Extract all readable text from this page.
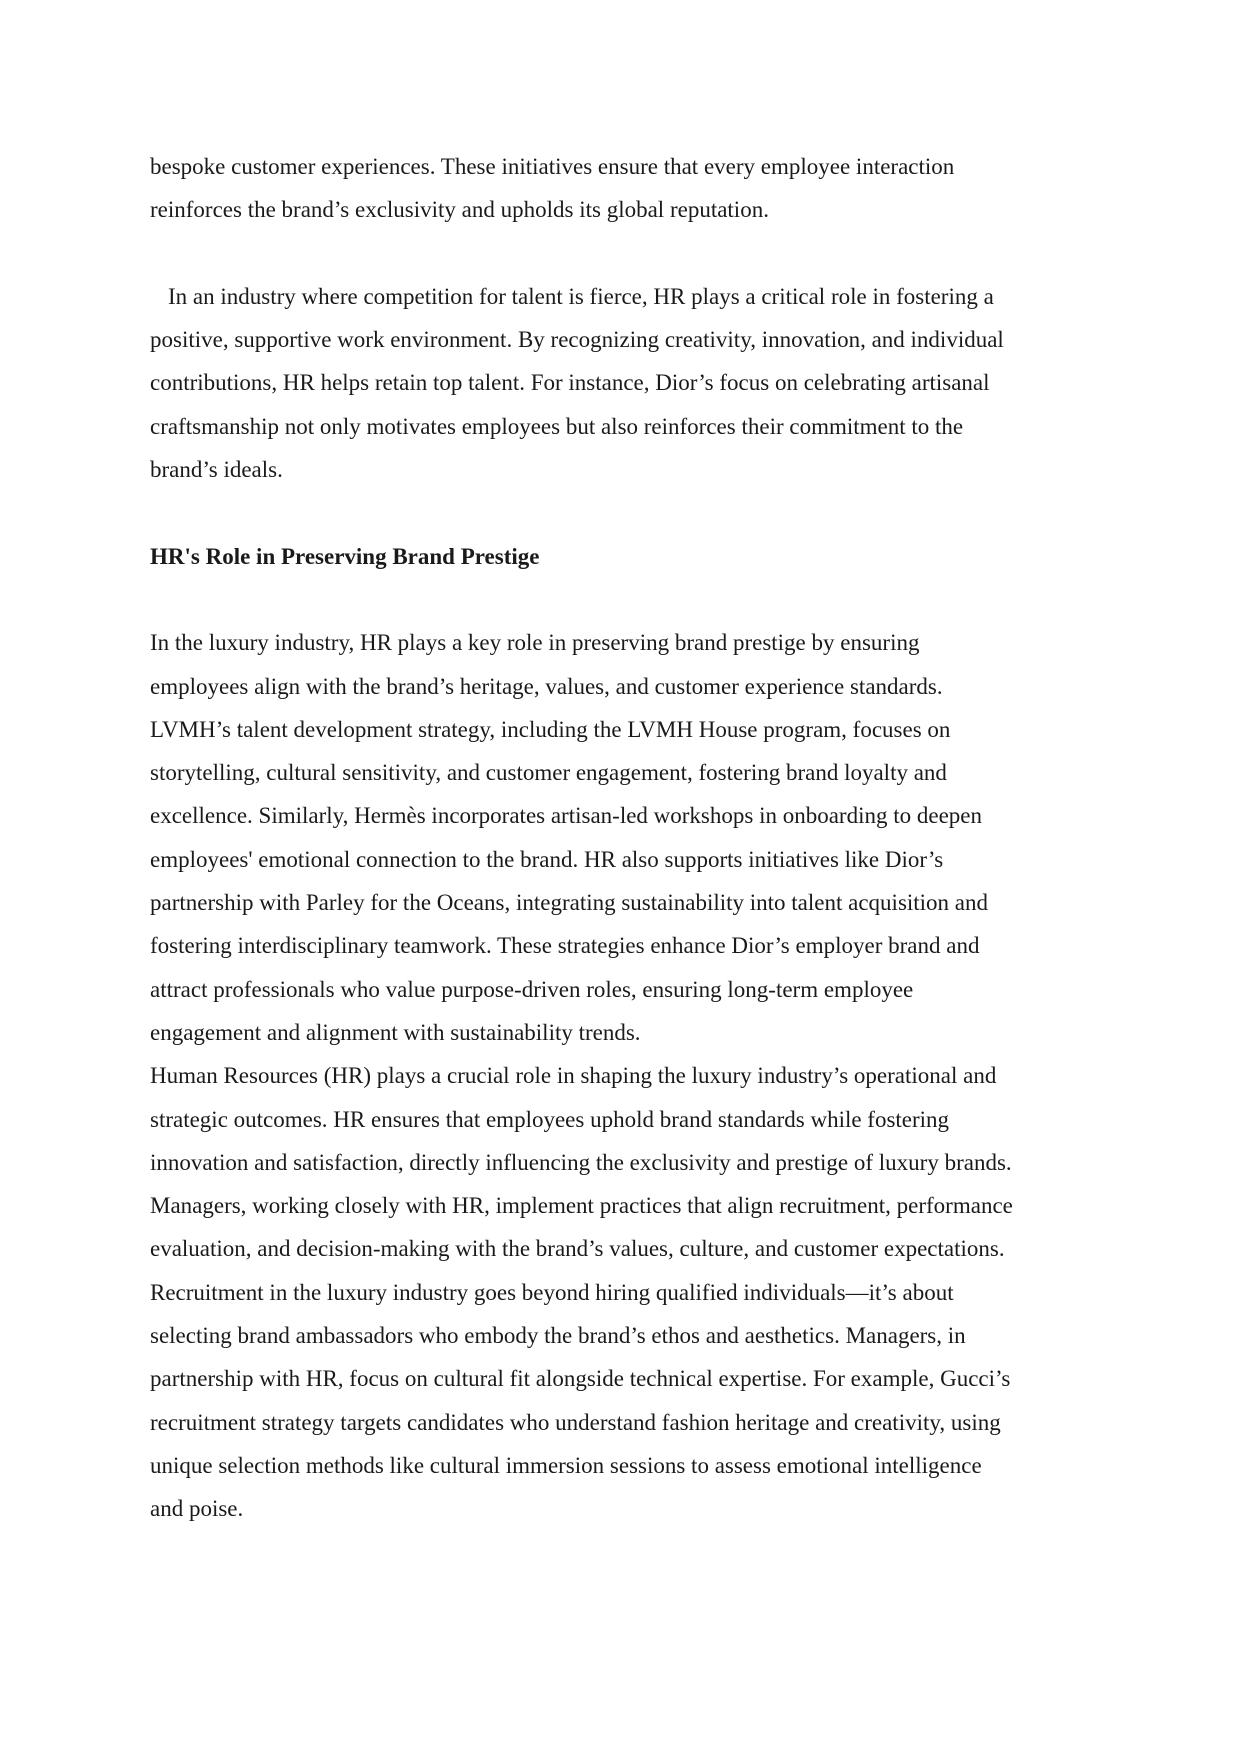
bespoke customer experiences. These initiatives ensure that every employee interaction
reinforces the brand’s exclusivity and upholds its global reputation.
In an industry where competition for talent is fierce, HR plays a critical role in fostering a
positive, supportive work environment. By recognizing creativity, innovation, and individual
contributions, HR helps retain top talent. For instance, Dior’s focus on celebrating artisanal
craftsmanship not only motivates employees but also reinforces their commitment to the
brand’s ideals.
HR's Role in Preserving Brand Prestige
In the luxury industry, HR plays a key role in preserving brand prestige by ensuring
employees align with the brand’s heritage, values, and customer experience standards.
LVMH’s talent development strategy, including the LVMH House program, focuses on
storytelling, cultural sensitivity, and customer engagement, fostering brand loyalty and
excellence. Similarly, Hermès incorporates artisan-led workshops in onboarding to deepen
employees' emotional connection to the brand. HR also supports initiatives like Dior’s
partnership with Parley for the Oceans, integrating sustainability into talent acquisition and
fostering interdisciplinary teamwork. These strategies enhance Dior’s employer brand and
attract professionals who value purpose-driven roles, ensuring long-term employee
engagement and alignment with sustainability trends.
Human Resources (HR) plays a crucial role in shaping the luxury industry’s operational and
strategic outcomes. HR ensures that employees uphold brand standards while fostering
innovation and satisfaction, directly influencing the exclusivity and prestige of luxury brands.
Managers, working closely with HR, implement practices that align recruitment, performance
evaluation, and decision-making with the brand’s values, culture, and customer expectations.
Recruitment in the luxury industry goes beyond hiring qualified individuals—it’s about
selecting brand ambassadors who embody the brand’s ethos and aesthetics. Managers, in
partnership with HR, focus on cultural fit alongside technical expertise. For example, Gucci’s
recruitment strategy targets candidates who understand fashion heritage and creativity, using
unique selection methods like cultural immersion sessions to assess emotional intelligence
and poise.
